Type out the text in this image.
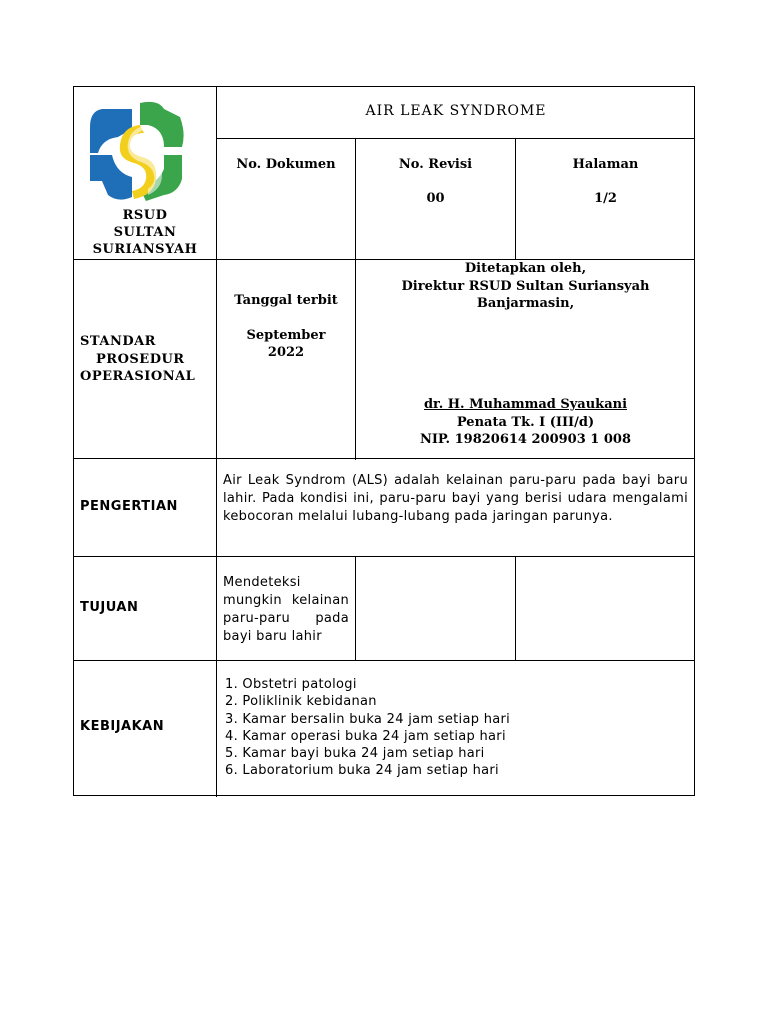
RSUD
SULTAN
SURIANSYAH
AIR LEAK SYNDROME
No. Dokumen	No. Revisi
00
Halaman
1/2
STANDAR
PROSEDUR
OPERASIONAL
Tanggal terbit
September
2022
Ditetapkan oleh,
Direktur RSUD Sultan Suriansyah
Banjarmasin,
dr. H. Muhammad Syaukani
Penata Tk. I (III/d)
NIP. 19820614 200903 1 008
PENGERTIAN
Air Leak Syndrom (ALS) adalah kelainan paru-paru pada bayi baru lahir. Pada kondisi ini, paru-paru bayi yang berisi udara mengalami kebocoran melalui lubang-lubang pada jaringan parunya.
TUJUAN
Mendeteksi mungkin kelainan paru-paru pada bayi baru lahir
KEBIJAKAN
1. Obstetri patologi
2. Poliklinik kebidanan
3. Kamar bersalin buka 24 jam setiap hari
4. Kamar operasi buka 24 jam setiap hari
5. Kamar bayi buka 24 jam setiap hari
6. Laboratorium buka 24 jam setiap hari
